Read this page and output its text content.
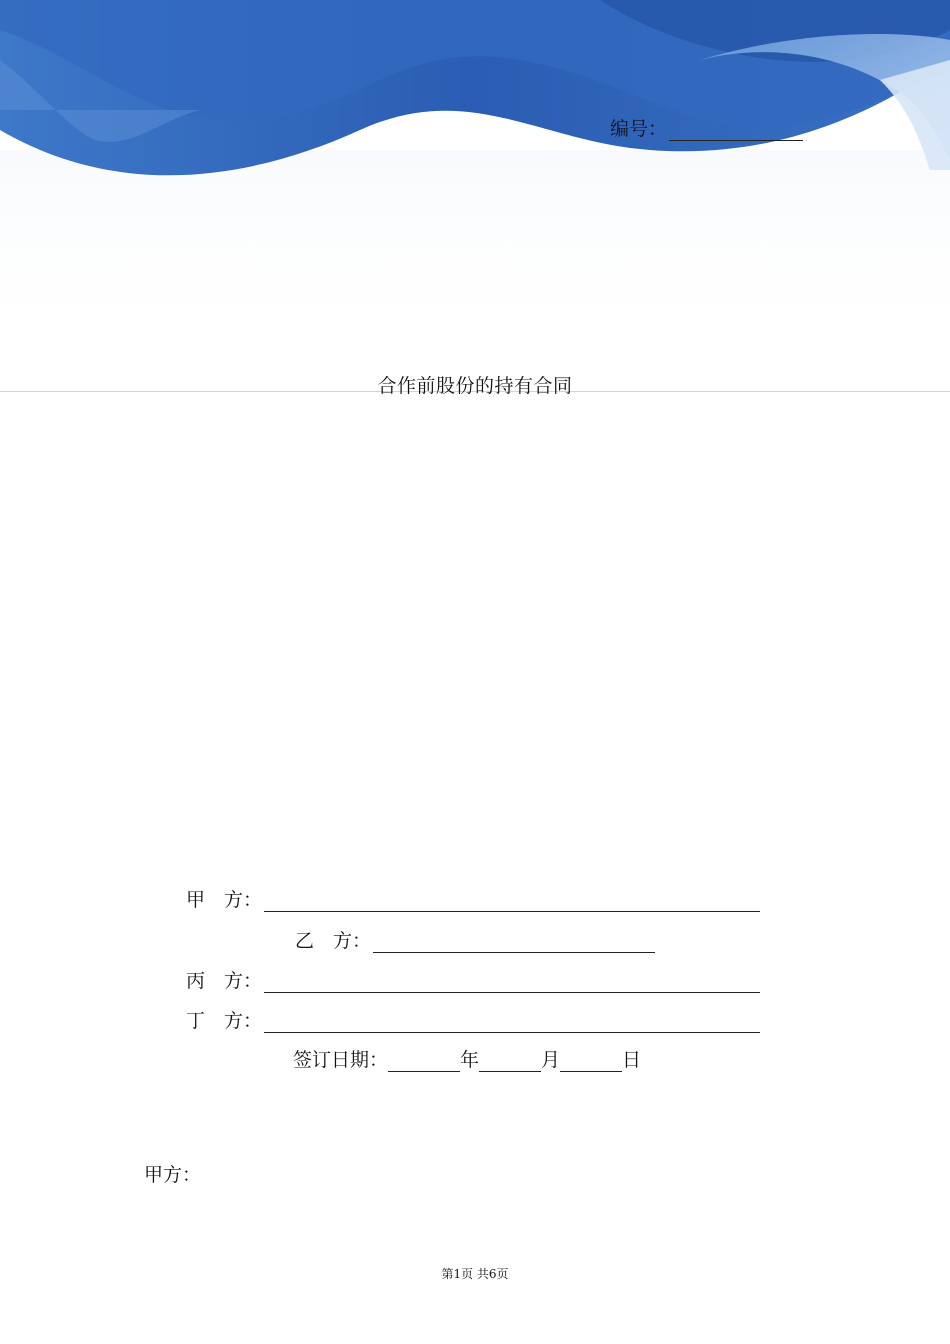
编号：
合作前股份的持有合同
甲　方：
乙　方：
丙　方：
丁　方：
签订日期：	年	月	日
甲方：
第1页 共6页
